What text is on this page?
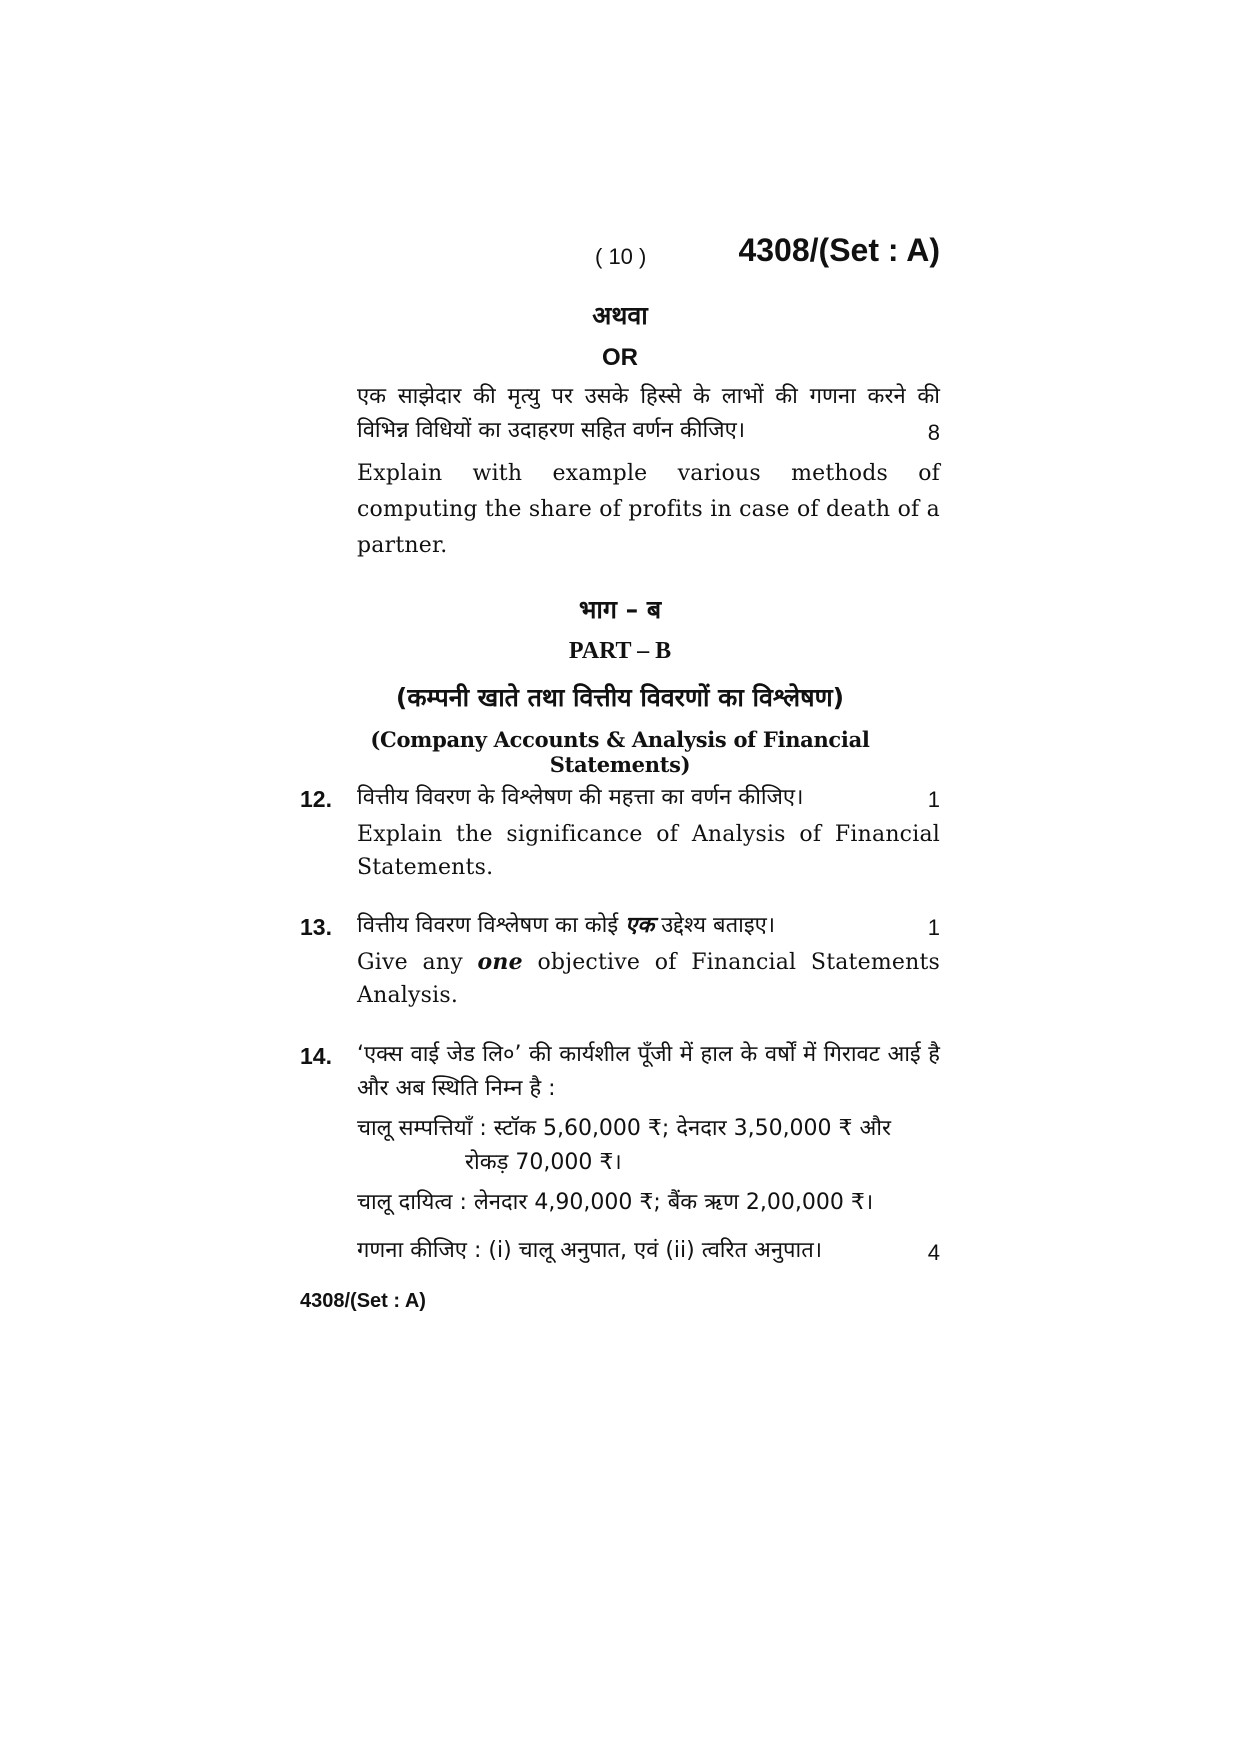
( 10 )	4308/(Set : A)
अथवा
OR
एक साझेदार की मृत्यु पर उसके हिस्से के लाभों की गणना करने की विभिन्न विधियों का उदाहरण सहित वर्णन कीजिए।	8
Explain with example various methods of computing the share of profits in case of death of a partner.
भाग – ब
PART – B
(कम्पनी खाते तथा वित्तीय विवरणों का विश्लेषण)
(Company Accounts & Analysis of Financial Statements)
12. वित्तीय विवरण के विश्लेषण की महत्ता का वर्णन कीजिए।	1
Explain the significance of Analysis of Financial Statements.
13. वित्तीय विवरण विश्लेषण का कोई एक उद्देश्य बताइए।	1
Give any one objective of Financial Statements Analysis.
14. ‘एक्स वाई जेड लि०’ की कार्यशील पूँजी में हाल के वर्षों में गिरावट आई है और अब स्थिति निम्न है :
चालू सम्पत्तियाँ : स्टॉक 5,60,000 ₹; देनदार 3,50,000 ₹ और
रोकड़ 70,000 ₹।
चालू दायित्व : लेनदार 4,90,000 ₹; बैंक ऋण 2,00,000 ₹।
गणना कीजिए : (i) चालू अनुपात, एवं (ii) त्वरित अनुपात।	4
4308/(Set : A)
